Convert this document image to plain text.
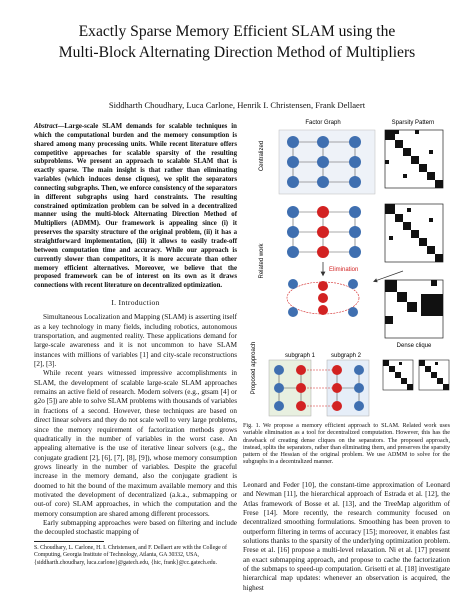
Exactly Sparse Memory Efficient SLAM using the
Multi-Block Alternating Direction Method of Multipliers
Siddharth Choudhary, Luca Carlone, Henrik I. Christensen, Frank Dellaert
Abstract—Large-scale SLAM demands for scalable techniques in which the computational burden and the memory consumption is shared among many processing units. While recent literature offers competitive approaches for scalable sparsity of the resulting subproblems. We present an approach to scalable SLAM that is exactly sparse. The main insight is that rather than eliminating variables (which induces dense cliques), we split the separators connecting subgraphs. Then, we enforce consistency of the separators in different subgraphs using hard constraints. The resulting constrained optimization problem can be solved in a decentralized manner using the multi-block Alternating Direction Method of Multipliers (ADMM). Our framework is appealing since (i) it preserves the sparsity structure of the original problem, (ii) it has a straightforward implementation, (iii) it allows to easily trade-off between computation time and accuracy. While our approach is currently slower than competitors, it is more accurate than other memory efficient alternatives. Moreover, we believe that the proposed framework can be of interest on its own as it draws connections with recent literature on decentralized optimization.
I. Introduction

Simultaneous Localization and Mapping (SLAM) is asserting itself as a key technology in many fields, including robotics, autonomous transportation, and augmented reality. These applications demand for large-scale awareness and it is not uncommon to have SLAM instances with millions of variables [1] and city-scale reconstructions [2], [3].

While recent years witnessed impressive accomplishments in SLAM, the development of scalable large-scale SLAM approaches remains an active field of research. Modern solvers (e.g., gtsam [4] or g2o [5]) are able to solve SLAM problems with thousands of variables in fractions of a second. However, these techniques are based on direct linear solvers and they do not scale well to very large problems, since the memory requirement of factorization methods grows quadratically in the number of variables in the worst case. An appealing alternative is the use of iterative linear solvers (e.g., the conjugate gradient [2], [6], [7], [8], [9]), whose memory consumption grows linearly in the number of variables. Despite the graceful increase in the memory demand, also the conjugate gradient is doomed to hit the bound of the maximum available memory and this motivated the development of decentralized (a.k.a., submapping or out-of core) SLAM approaches, in which the computation and the memory consumption are shared among different processors.

Early submapping approaches were based on filtering and include the decoupled stochastic mapping of

S. Choudhary, L. Carlone, H. I. Christensen, and F. Dellaert are with the College of Computing, Georgia Institute of Technology, Atlanta, GA 30332, USA, {siddharth.choudhary, luca.carlone}@gatech.edu, {hic, frank}@cc.gatech.edu.
Factor Graph	Sparsity Pattern
Centralized
Related work
Proposed approach
Elimination
Dense clique
subgraph 1	subgraph 2
Fig. 1. We propose a memory efficient approach to SLAM. Related work uses variable elimination as a tool for decentralized computation. However, this has the drawback of creating dense cliques on the separators. The proposed approach, instead, splits the separators, rather than eliminating them, and preserves the sparsity pattern of the Hessian of the original problem. We use ADMM to solve for the subgraphs in a decentralized manner.
Leonard and Feder [10], the constant-time approximation of Leonard and Newman [11], the hierarchical approach of Estrada et al. [12], the Atlas framework of Bosse et al. [13], and the TreeMap algorithm of Frese [14]. More recently, the research community focused on decentralized smoothing formulations. Smoothing has been proven to outperform filtering in terms of accuracy [15]; moreover, it enables fast solutions thanks to the sparsity of the underlying optimization problem. Frese et al. [16] propose a multi-level relaxation. Ni et al. [17] present an exact submapping approach, and propose to cache the factorization of the submaps to speed-up computation. Grisetti et al. [18] investigate hierarchical map updates: whenever an observation is acquired, the highest
